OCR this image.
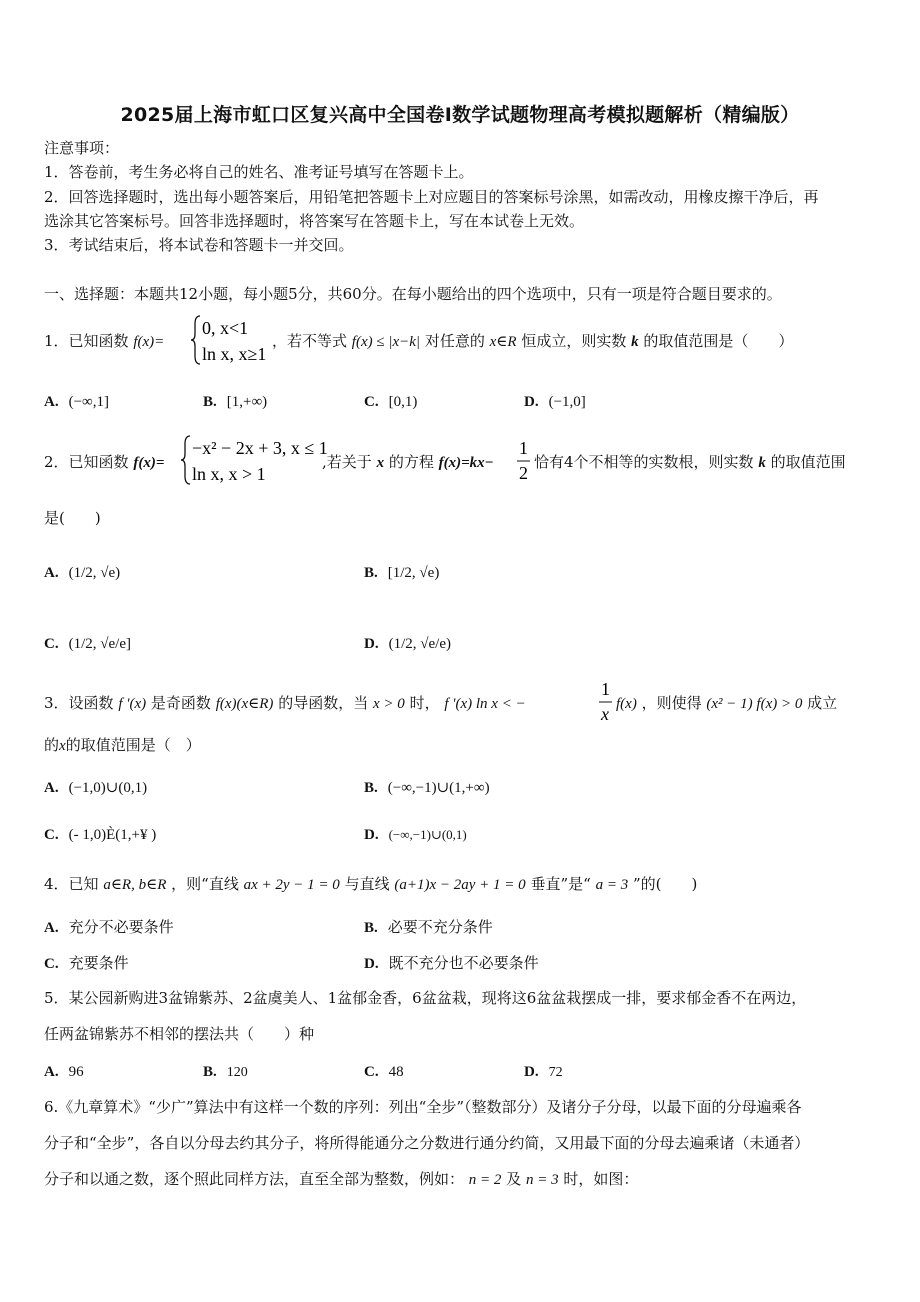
2025届上海市虹口区复兴高中全国卷Ⅰ数学试题物理高考模拟题解析（精编版）
注意事项：
1．答卷前，考生务必将自己的姓名、准考证号填写在答题卡上。
2．回答选择题时，选出每小题答案后，用铅笔把答题卡上对应题目的答案标号涂黑，如需改动，用橡皮擦干净后，再
选涂其它答案标号。回答非选择题时，将答案写在答题卡上，写在本试卷上无效。
3．考试结束后，将本试卷和答题卡一并交回。
一、选择题：本题共12小题，每小题5分，共60分。在每小题给出的四个选项中，只有一项是符合题目要求的。
1．已知函数 f(x)=
0, x<1
ln x, x≥1
，若不等式 f(x) ≤ |x−k| 对任意的 x∈R 恒成立，则实数 k 的取值范围是（　　）
A. (−∞,1]	B. [1,+∞)	C. [0,1)	D. (−1,0]
2．已知函数 f(x)=
−x² − 2x + 3, x ≤ 1
ln x, x > 1
,若关于 x 的方程 f(x)=kx−
1
2
恰有4个不相等的实数根，则实数 k 的取值范围
是(　　)
A. (1/2, √e)	B. [1/2, √e)
C. (1/2, √e/e]	D. (1/2, √e/e)
3．设函数 f '(x) 是奇函数 f(x)(x∈R) 的导函数，当 x > 0 时， f '(x) ln x < −
1
x f(x) ，则使得 (x² − 1) f(x) > 0 成立
的x的取值范围是（　）
A. (−1,0)∪(0,1)	B. (−∞,−1)∪(1,+∞)
C. (- 1,0)È(1,+¥ )	D. (−∞,−1)∪(0,1)
4．已知 a∈R, b∈R ，则“直线 ax + 2y − 1 = 0 与直线 (a+1)x − 2ay + 1 = 0 垂直”是“ a = 3 ”的(　　)
A. 充分不必要条件	B. 必要不充分条件
C. 充要条件	D. 既不充分也不必要条件
5．某公园新购进3盆锦紫苏、2盆虞美人、1盆郁金香，6盆盆栽，现将这6盆盆栽摆成一排，要求郁金香不在两边，
任两盆锦紫苏不相邻的摆法共（　　）种
A. 96	B. 120	C. 48	D. 72
6.《九章算术》“少广”算法中有这样一个数的序列：列出“全步”（整数部分）及诸分子分母，以最下面的分母遍乘各
分子和“全步”，各自以分母去约其分子，将所得能通分之分数进行通分约简，又用最下面的分母去遍乘诸（未通者）
分子和以通之数，逐个照此同样方法，直至全部为整数，例如： n = 2 及 n = 3 时，如图：
